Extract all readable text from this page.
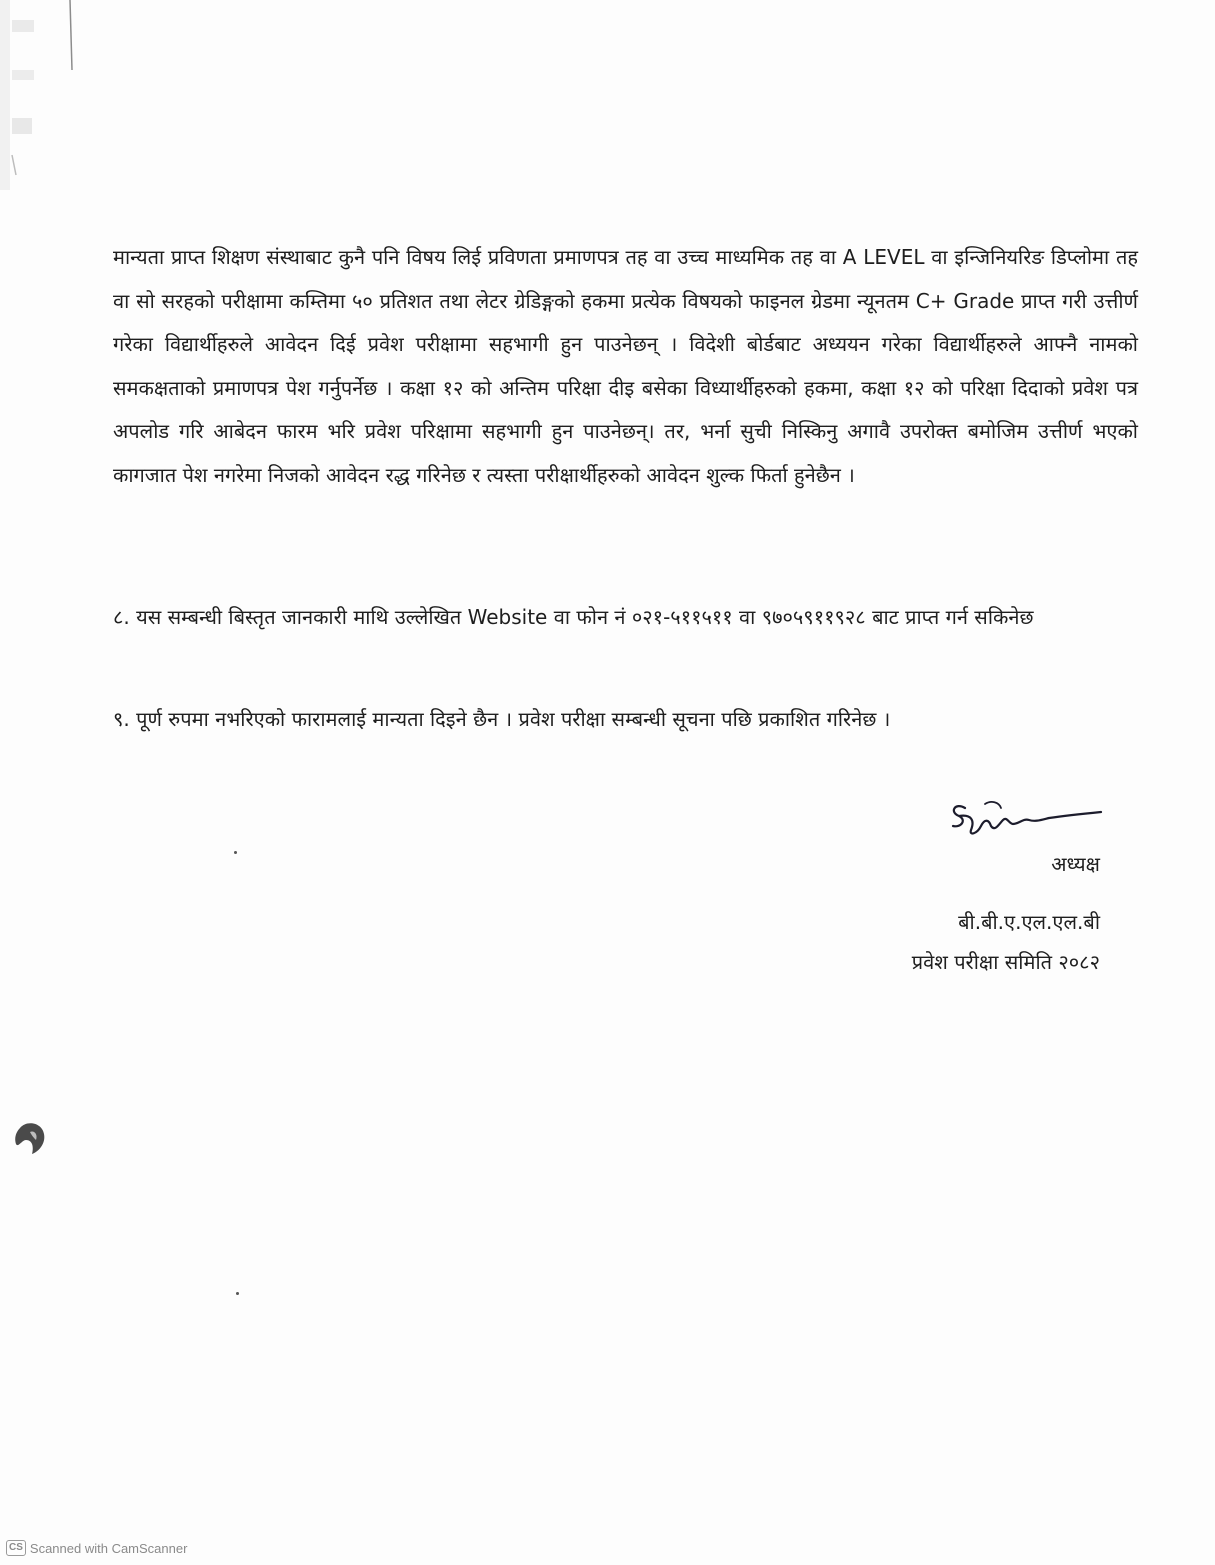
मान्यता प्राप्त शिक्षण संस्थाबाट कुनै पनि विषय लिई प्रविणता प्रमाणपत्र तह वा उच्च माध्यमिक तह वा A LEVEL वा इन्जिनियरिङ डिप्लोमा तह वा सो सरहको परीक्षामा कम्तिमा ५० प्रतिशत तथा लेटर ग्रेडिङ्गको हकमा प्रत्येक विषयको फाइनल ग्रेडमा न्यूनतम C+ Grade प्राप्त गरी उत्तीर्ण गरेका विद्यार्थीहरुले आवेदन दिई प्रवेश परीक्षामा सहभागी हुन पाउनेछन् । विदेशी बोर्डबाट अध्ययन गरेका विद्यार्थीहरुले आफ्नै नामको समकक्षताको प्रमाणपत्र पेश गर्नुपर्नेछ । कक्षा १२ को अन्तिम परिक्षा दीइ बसेका विध्यार्थीहरुको हकमा, कक्षा १२ को परिक्षा दिदाको प्रवेश पत्र अपलोड गरि आबेदन फारम भरि प्रवेश परिक्षामा सहभागी हुन पाउनेछन्। तर, भर्ना सुची निस्किनु अगावै उपरोक्त बमोजिम उत्तीर्ण भएको कागजात पेश नगरेमा निजको आवेदन रद्ध गरिनेछ र त्यस्ता परीक्षार्थीहरुको आवेदन शुल्क फिर्ता हुनेछैन ।

८. यस सम्बन्धी बिस्तृत जानकारी माथि उल्लेखित Website वा फोन नं ०२१-५११५११ वा ९७०५९११९२८ बाट प्राप्त गर्न सकिनेछ

९. पूर्ण रुपमा नभरिएको फारामलाई मान्यता दिइने छैन । प्रवेश परीक्षा सम्बन्धी सूचना पछि प्रकाशित गरिनेछ ।

अध्यक्ष

बी.बी.ए.एल.एल.बी

प्रवेश परीक्षा समिति २०८२

CS Scanned with CamScanner
